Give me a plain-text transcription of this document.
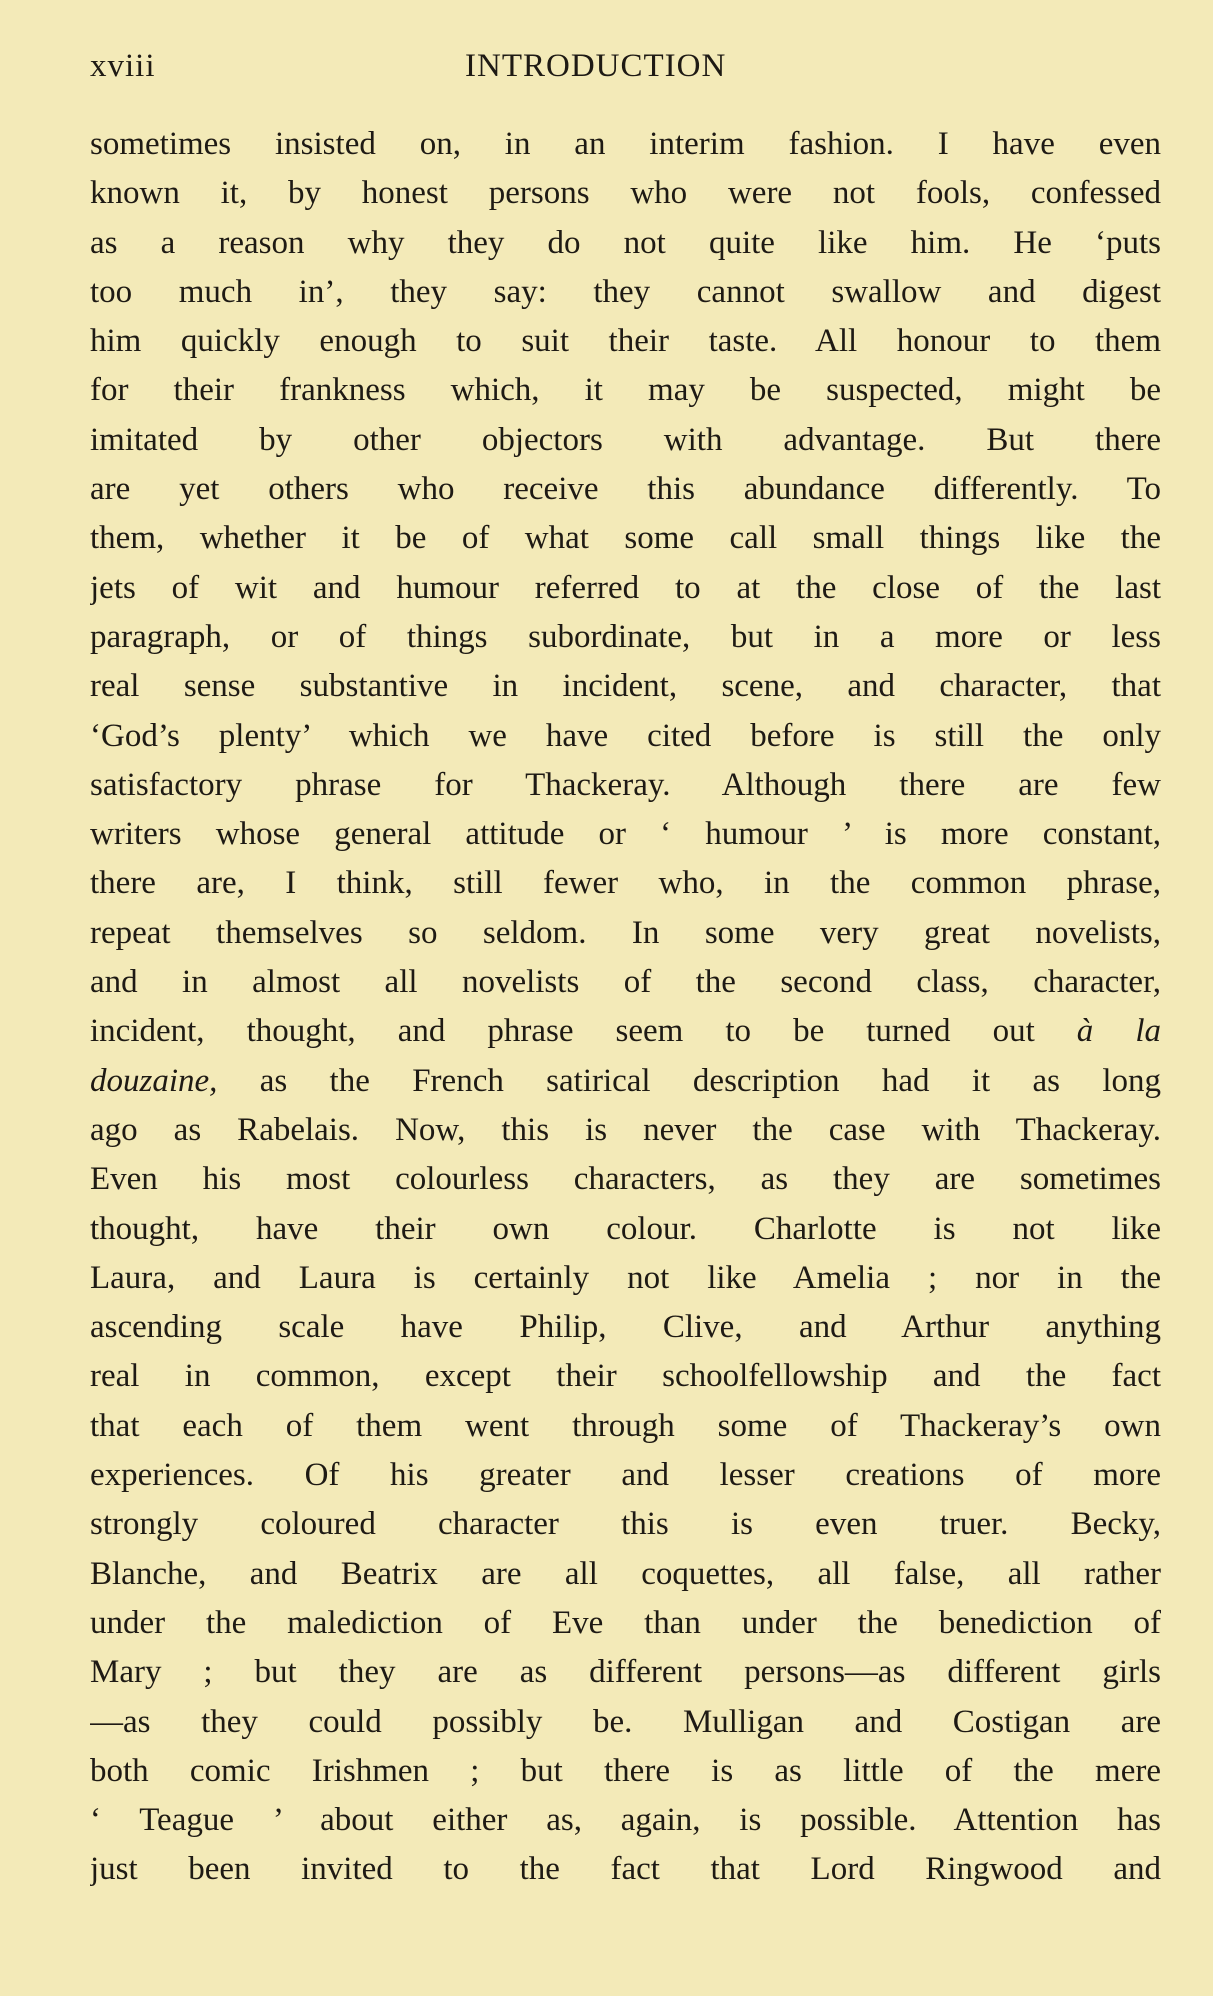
xviii	INTRODUCTION
sometimes insisted on, in an interim fashion. I have even
known it, by honest persons who were not fools, confessed
as a reason why they do not quite like him. He ‘puts
too much in’, they say: they cannot swallow and digest
him quickly enough to suit their taste. All honour to them
for their frankness which, it may be suspected, might be
imitated by other objectors with advantage. But there
are yet others who receive this abundance differently. To
them, whether it be of what some call small things like the
jets of wit and humour referred to at the close of the last
paragraph, or of things subordinate, but in a more or less
real sense substantive in incident, scene, and character, that
‘God’s plenty’ which we have cited before is still the only
satisfactory phrase for Thackeray. Although there are few
writers whose general attitude or ‘ humour ’ is more constant,
there are, I think, still fewer who, in the common phrase,
repeat themselves so seldom. In some very great novelists,
and in almost all novelists of the second class, character,
incident, thought, and phrase seem to be turned out à la
douzaine, as the French satirical description had it as long
ago as Rabelais. Now, this is never the case with Thackeray.
Even his most colourless characters, as they are sometimes
thought, have their own colour. Charlotte is not like
Laura, and Laura is certainly not like Amelia ; nor in the
ascending scale have Philip, Clive, and Arthur anything
real in common, except their schoolfellowship and the fact
that each of them went through some of Thackeray’s own
experiences. Of his greater and lesser creations of more
strongly coloured character this is even truer. Becky,
Blanche, and Beatrix are all coquettes, all false, all rather
under the malediction of Eve than under the benediction of
Mary ; but they are as different persons—as different girls
—as they could possibly be. Mulligan and Costigan are
both comic Irishmen ; but there is as little of the mere
‘ Teague ’ about either as, again, is possible. Attention has
just been invited to the fact that Lord Ringwood and
